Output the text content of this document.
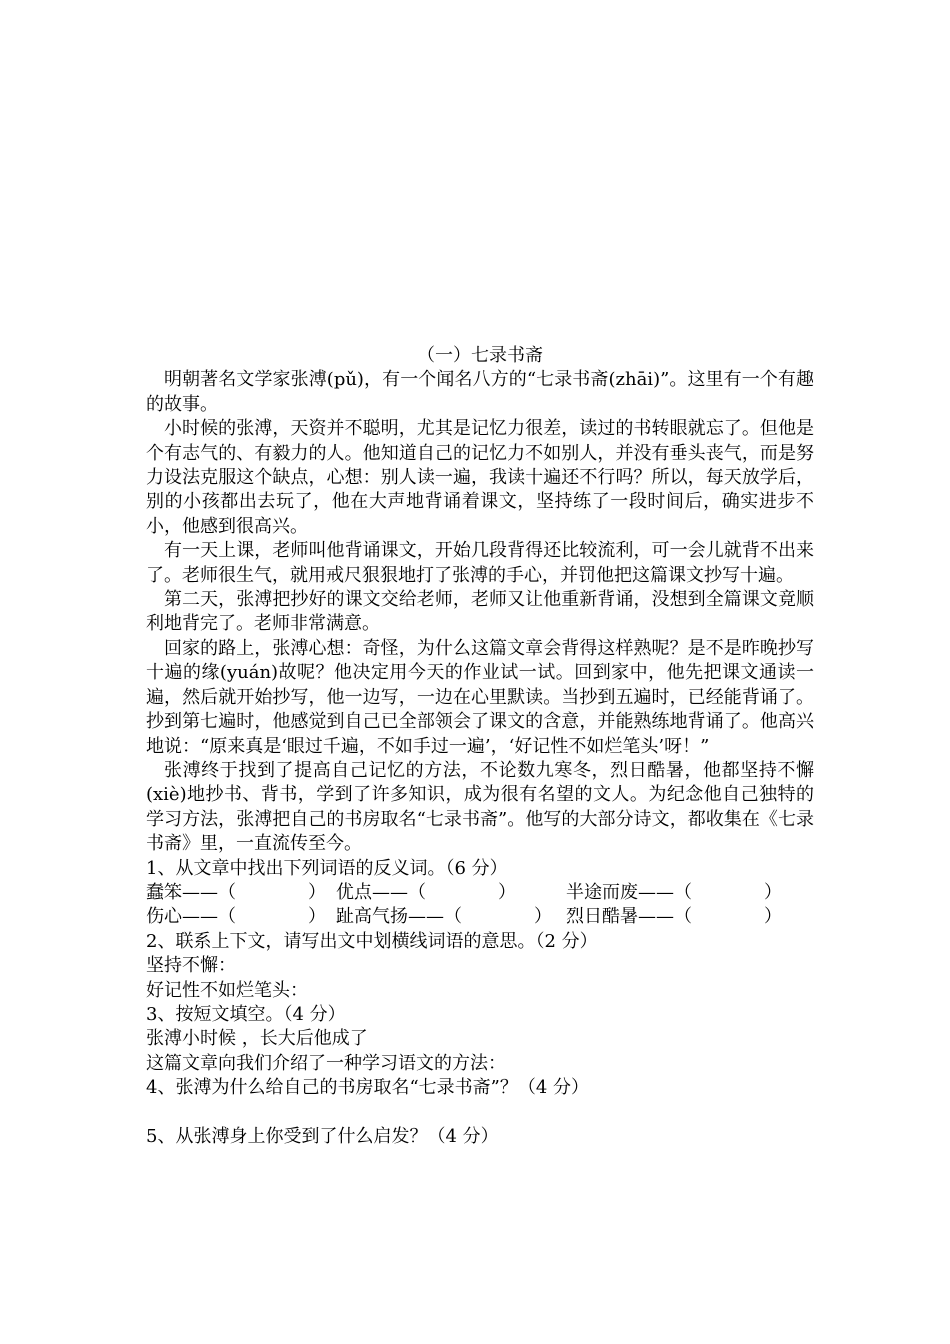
（一）七录书斋

明朝著名文学家张溥(pǔ)，有一个闻名八方的“七录书斋(zhāi)”。这里有一个有趣的故事。

小时候的张溥，天资并不聪明，尤其是记忆力很差，读过的书转眼就忘了。但他是个有志气的、有毅力的人。他知道自己的记忆力不如别人，并没有垂头丧气，而是努力设法克服这个缺点，心想：别人读一遍，我读十遍还不行吗？所以，每天放学后，别的小孩都出去玩了，他在大声地背诵着课文，坚持练了一段时间后，确实进步不小，他感到很高兴。

有一天上课，老师叫他背诵课文，开始几段背得还比较流利，可一会儿就背不出来了。老师很生气，就用戒尺狠狠地打了张溥的手心，并罚他把这篇课文抄写十遍。

第二天，张溥把抄好的课文交给老师，老师又让他重新背诵，没想到全篇课文竟顺利地背完了。老师非常满意。

回家的路上，张溥心想：奇怪，为什么这篇文章会背得这样熟呢？是不是昨晚抄写十遍的缘(yuán)故呢？他决定用今天的作业试一试。回到家中，他先把课文通读一遍，然后就开始抄写，他一边写，一边在心里默读。当抄到五遍时，已经能背诵了。抄到第七遍时，他感觉到自己已全部领会了课文的含意，并能熟练地背诵了。他高兴地说：“原来真是‘眼过千遍，不如手过一遍’，‘好记性不如烂笔头’呀！”

张溥终于找到了提高自己记忆的方法，不论数九寒冬，烈日酷暑，他都坚持不懈(xiè)地抄书、背书，学到了许多知识，成为很有名望的文人。为纪念他自己独特的学习方法，张溥把自己的书房取名“七录书斋”。他写的大部分诗文，都收集在《七录书斋》里，一直流传至今。

1、从文章中找出下列词语的反义词。（6 分）

蠢笨——（　　　　） 优点——（　　　　）	半途而废——（　　　　）
伤心——（　　　　） 趾高气扬——（　　　　） 烈日酷暑——（　　　　）

2、联系上下文，请写出文中划横线词语的意思。（2 分）

坚持不懈：

好记性不如烂笔头：

3、按短文填空。（4 分）

张溥小时候 ，长大后他成了

这篇文章向我们介绍了一种学习语文的方法：

4、张溥为什么给自己的书房取名“七录书斋”？（4 分）

5、从张溥身上你受到了什么启发？（4 分）
